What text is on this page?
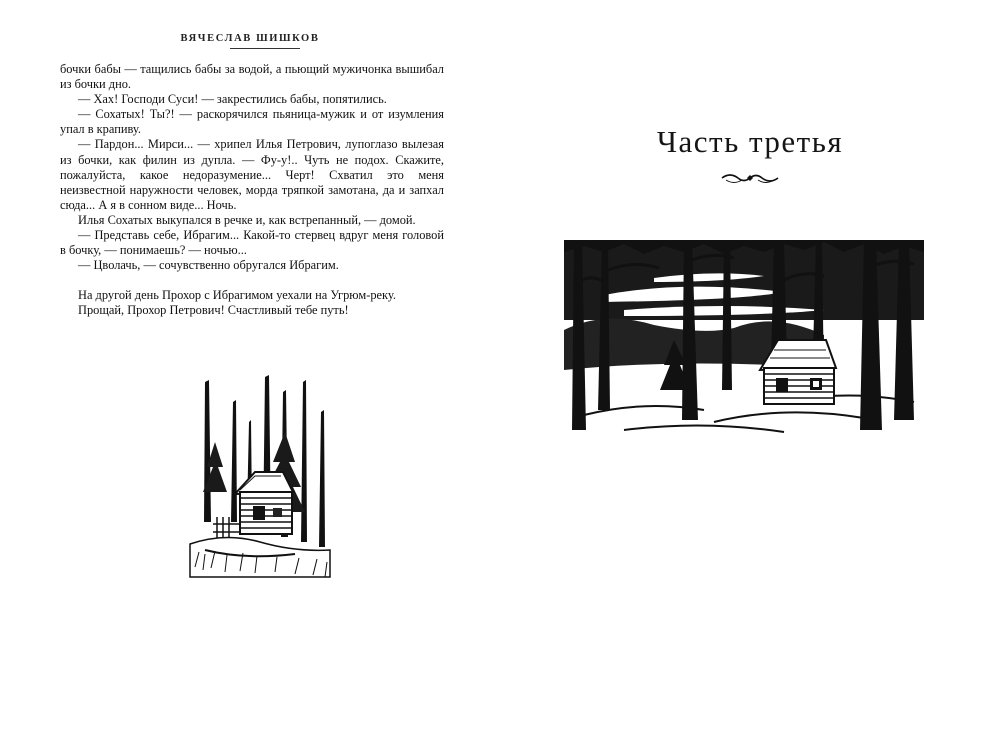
ВЯЧЕСЛАВ ШИШКОВ

бочки бабы — тащились бабы за водой, а пьющий мужичонка вышибал из бочки дно.

— Хах! Господи Суси! — закрестились бабы, попятились.

— Сохатых! Ты?! — раскорячился пьяница-мужик и от изумления упал в крапиву.

— Пардон... Мирси... — хрипел Илья Петрович, лупоглазо вылезая из бочки, как филин из дупла. — Фу-у!.. Чуть не подох. Скажите, пожалуйста, какое недоразумение... Черт! Схватил это меня неизвестной наружности человек, морда тряпкой замотана, да и запхал сюда... А я в сонном виде... Ночь.

Илья Сохатых выкупался в речке и, как встрепанный, — домой.

— Представь себе, Ибрагим... Какой-то стервец вдруг меня головой в бочку, — понимаешь? — ночью...

— Цволачь, — сочувственно обругался Ибрагим.

На другой день Прохор с Ибрагимом уехали на Угрюм-реку.

Прощай, Прохор Петрович! Счастливый тебе путь!

Часть третья
